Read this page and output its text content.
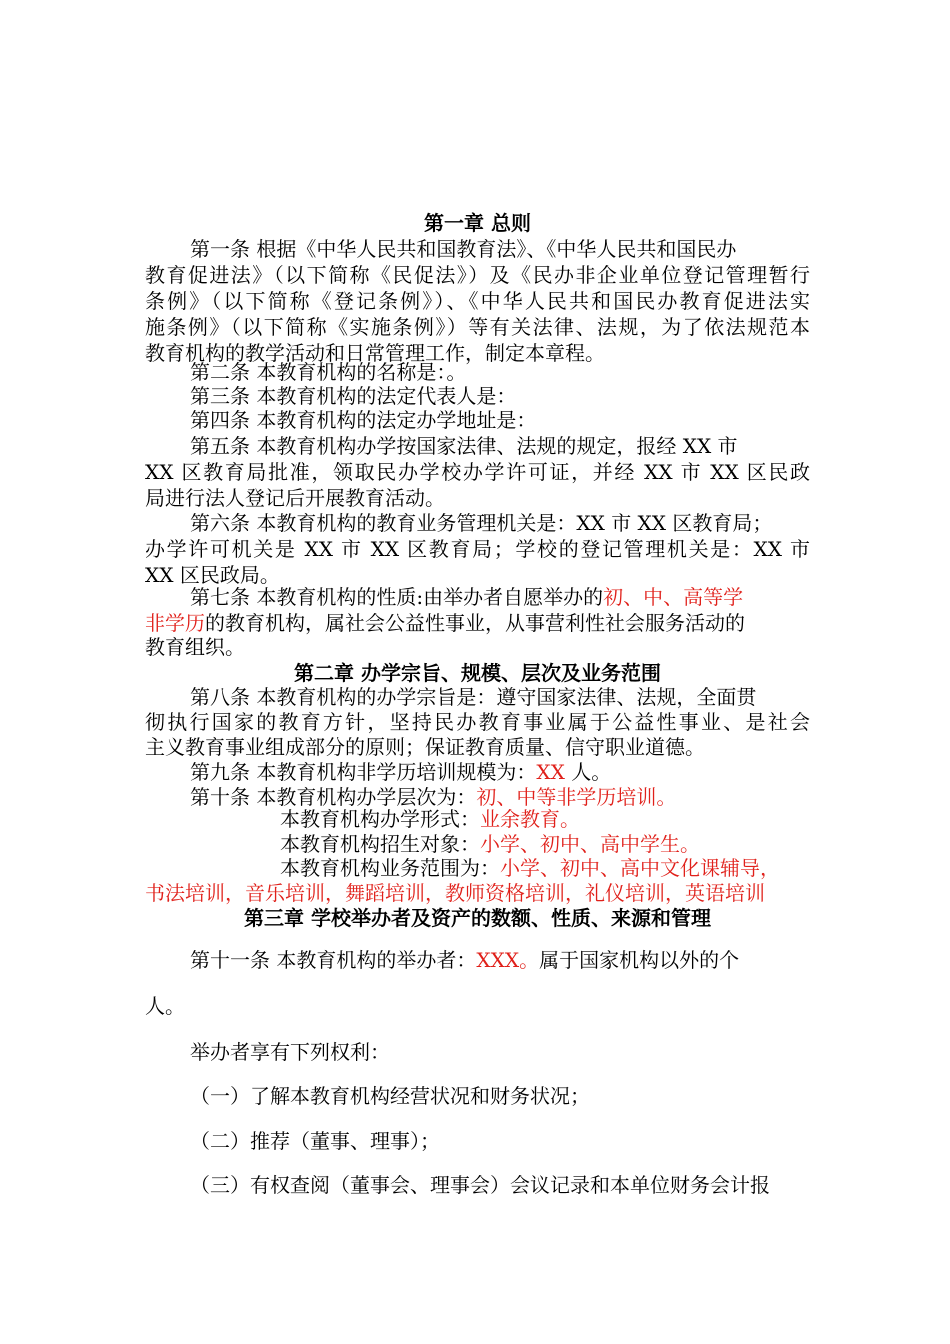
第一章 总则
第一条 根据《中华人民共和国教育法》、《中华人民共和国民办
教育促进法》（以下简称《民促法》）及《民办非企业单位登记管理暂行
条例》（以下简称《登记条例》）、《中华人民共和国民办教育促进法实
施条例》（以下简称《实施条例》）等有关法律、法规，为了依法规范本
教育机构的教学活动和日常管理工作，制定本章程。
第二条 本教育机构的名称是：。
第三条 本教育机构的法定代表人是：
第四条 本教育机构的法定办学地址是：
第五条 本教育机构办学按国家法律、法规的规定，报经 XX 市
XX 区教育局批准，领取民办学校办学许可证，并经 XX 市 XX 区民政
局进行法人登记后开展教育活动。
第六条 本教育机构的教育业务管理机关是：XX 市 XX 区教育局；
办学许可机关是 XX 市 XX 区教育局；学校的登记管理机关是：XX 市
XX 区民政局。
第七条 本教育机构的性质:由举办者自愿举办的初、中、高等学
非学历的教育机构，属社会公益性事业，从事营利性社会服务活动的
教育组织。
第二章 办学宗旨、规模、层次及业务范围
第八条 本教育机构的办学宗旨是：遵守国家法律、法规，全面贯
彻执行国家的教育方针，坚持民办教育事业属于公益性事业、是社会
主义教育事业组成部分的原则；保证教育质量、信守职业道德。
第九条 本教育机构非学历培训规模为：XX 人。
第十条 本教育机构办学层次为：初、中等非学历培训。
本教育机构办学形式：业余教育。
本教育机构招生对象：小学、初中、高中学生。
本教育机构业务范围为：小学、初中、高中文化课辅导，
书法培训，音乐培训，舞蹈培训，教师资格培训，礼仪培训，英语培训
第三章 学校举办者及资产的数额、性质、来源和管理
第十一条 本教育机构的举办者：XXX。属于国家机构以外的个
人。
举办者享有下列权利：
（一）了解本教育机构经营状况和财务状况；
（二）推荐（董事、理事）；
（三）有权查阅（董事会、理事会）会议记录和本单位财务会计报
